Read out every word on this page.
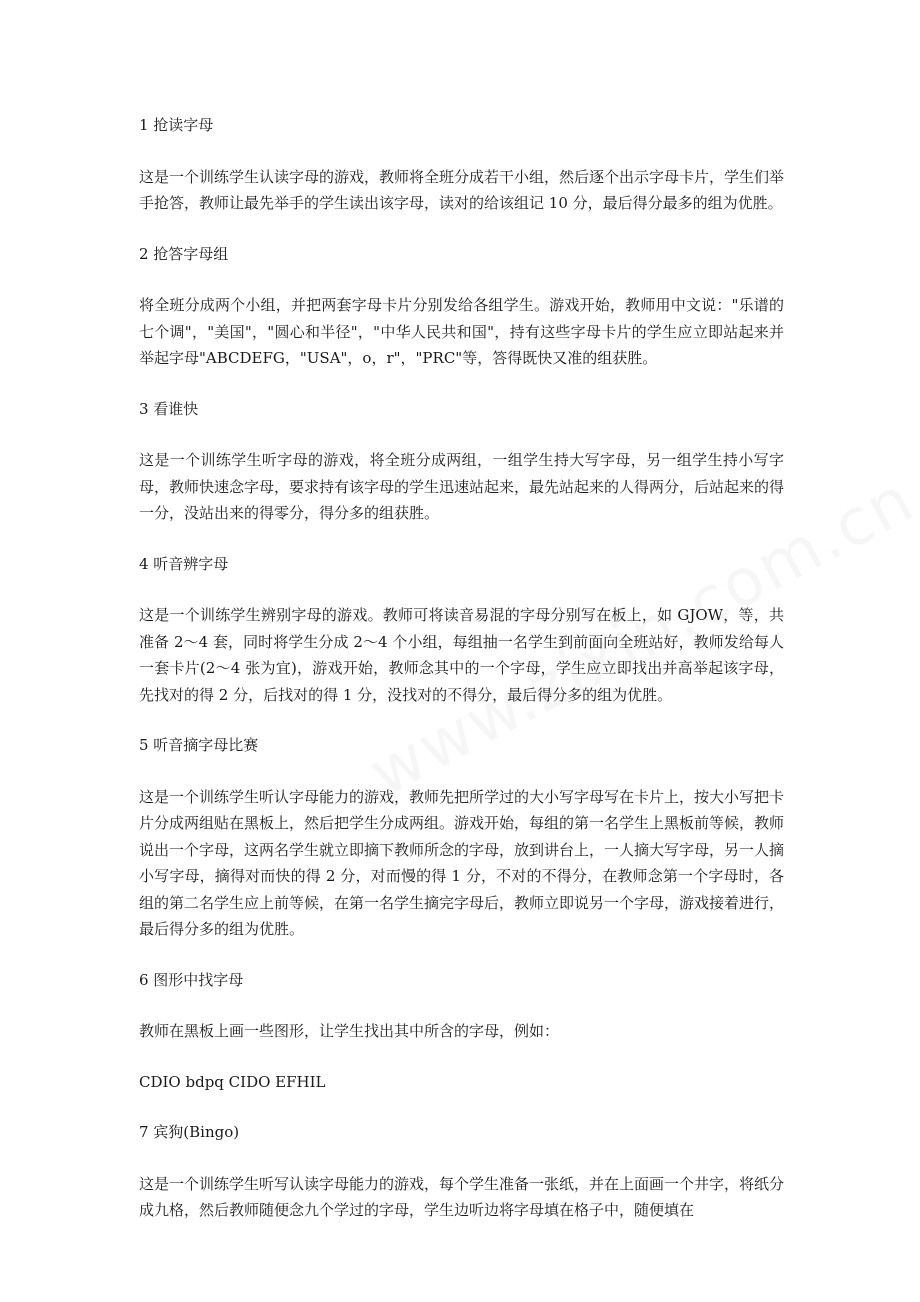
1 抢读字母

这是一个训练学生认读字母的游戏，教师将全班分成若干小组，然后逐个出示字母卡片，学生们举手抢答，教师让最先举手的学生读出该字母，读对的给该组记 10 分，最后得分最多的组为优胜。

2 抢答字母组

将全班分成两个小组，并把两套字母卡片分别发给各组学生。游戏开始，教师用中文说："乐谱的七个调"，"美国"，"圆心和半径"，"中华人民共和国"，持有这些字母卡片的学生应立即站起来并举起字母"ABCDEFG，"USA"，o，r"，"PRC"等，答得既快又准的组获胜。

3 看谁快

这是一个训练学生听字母的游戏，将全班分成两组，一组学生持大写字母，另一组学生持小写字母，教师快速念字母，要求持有该字母的学生迅速站起来，最先站起来的人得两分，后站起来的得一分，没站出来的得零分，得分多的组获胜。

4 听音辨字母

这是一个训练学生辨别字母的游戏。教师可将读音易混的字母分别写在板上，如 GJOW，等，共准备 2～4 套，同时将学生分成 2～4 个小组，每组抽一名学生到前面向全班站好，教师发给每人一套卡片(2～4 张为宜)，游戏开始，教师念其中的一个字母，学生应立即找出并高举起该字母，先找对的得 2 分，后找对的得 1 分，没找对的不得分，最后得分多的组为优胜。

5 听音摘字母比赛

这是一个训练学生听认字母能力的游戏，教师先把所学过的大小写字母写在卡片上，按大小写把卡片分成两组贴在黑板上，然后把学生分成两组。游戏开始，每组的第一名学生上黑板前等候，教师说出一个字母，这两名学生就立即摘下教师所念的字母，放到讲台上，一人摘大写字母，另一人摘小写字母，摘得对而快的得 2 分，对而慢的得 1 分，不对的不得分，在教师念第一个字母时，各组的第二名学生应上前等候，在第一名学生摘完字母后，教师立即说另一个字母，游戏接着进行，最后得分多的组为优胜。

6 图形中找字母

教师在黑板上画一些图形，让学生找出其中所含的字母，例如：

CDIO bdpq CIDO EFHIL

7 宾狗(Bingo)

这是一个训练学生听写认读字母能力的游戏，每个学生准备一张纸，并在上面画一个井字，将纸分成九格，然后教师随便念九个学过的字母，学生边听边将字母填在格子中，随便填在
